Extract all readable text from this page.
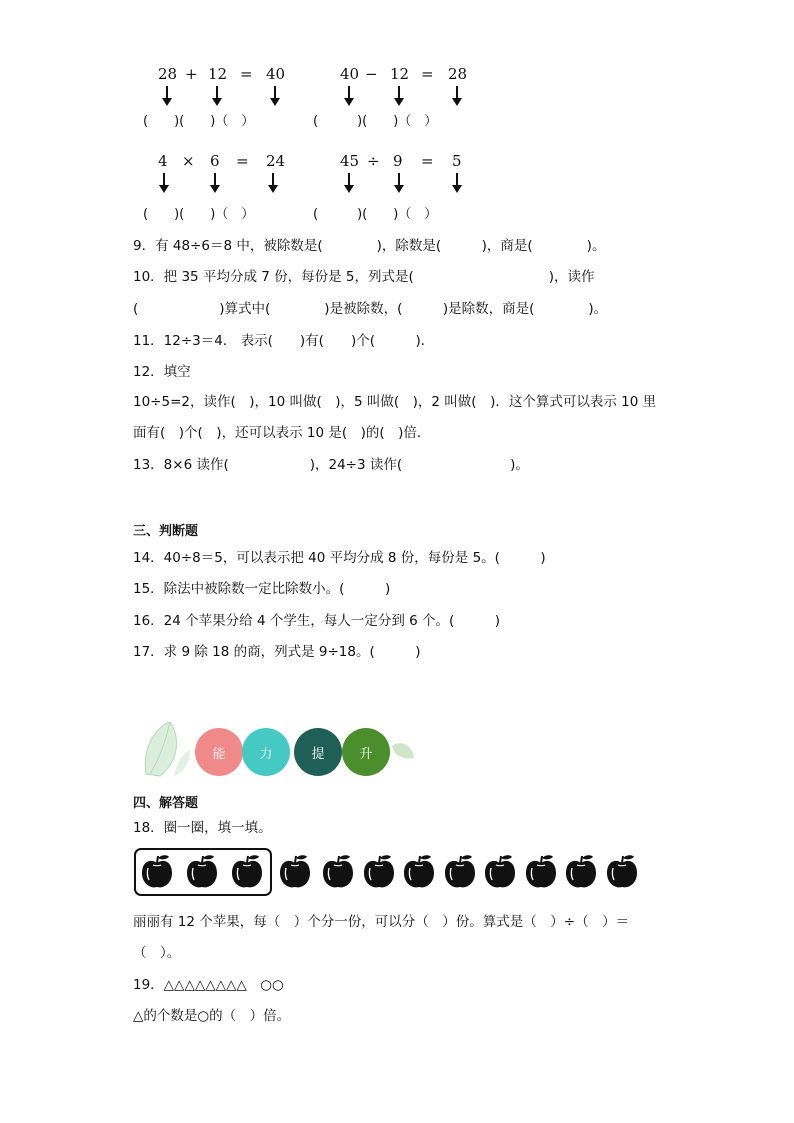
28 + 12 = 40	40 − 12 = 28
(　　)(　　)（　）	(　　　)(　　)（　）
4 × 6 = 24	45 ÷ 9 = 5
(　　)(　　)（　）	(　　　)(　　)（　）
9．有 48÷6＝8 中，被除数是(　　　　)，除数是(　　　)，商是(　　　　)。
10．把 35 平均分成 7 份，每份是 5，列式是(　　　　　　　　　　)，读作
(　　　　　　)算式中(　　　　)是被除数，(　　　)是除数，商是(　　　　)。
11．12÷3＝4． 表示(　　)有(　　)个(　　　)．
12．填空
10÷5=2，读作(　)，10 叫做(　)，5 叫做(　)，2 叫做(　)．这个算式可以表示 10 里
面有(　)个(　)，还可以表示 10 是(　)的(　)倍．
13．8×6 读作(　　　　　　)，24÷3 读作(　　　　　　　　)。
三、判断题
14．40÷8＝5，可以表示把 40 平均分成 8 份，每份是 5。(　　　)
15．除法中被除数一定比除数小。(　　　)
16．24 个苹果分给 4 个学生，每人一定分到 6 个。(　　　)
17．求 9 除 18 的商，列式是 9÷18。(　　　)
能	力	提	升
四、解答题
18．圈一圈，填一填。
丽丽有 12 个苹果，每（　）个分一份，可以分（　）份。算式是（　）÷（　）＝
（　）。
19．△△△△△△△△　○○
△的个数是○的（　）倍。
